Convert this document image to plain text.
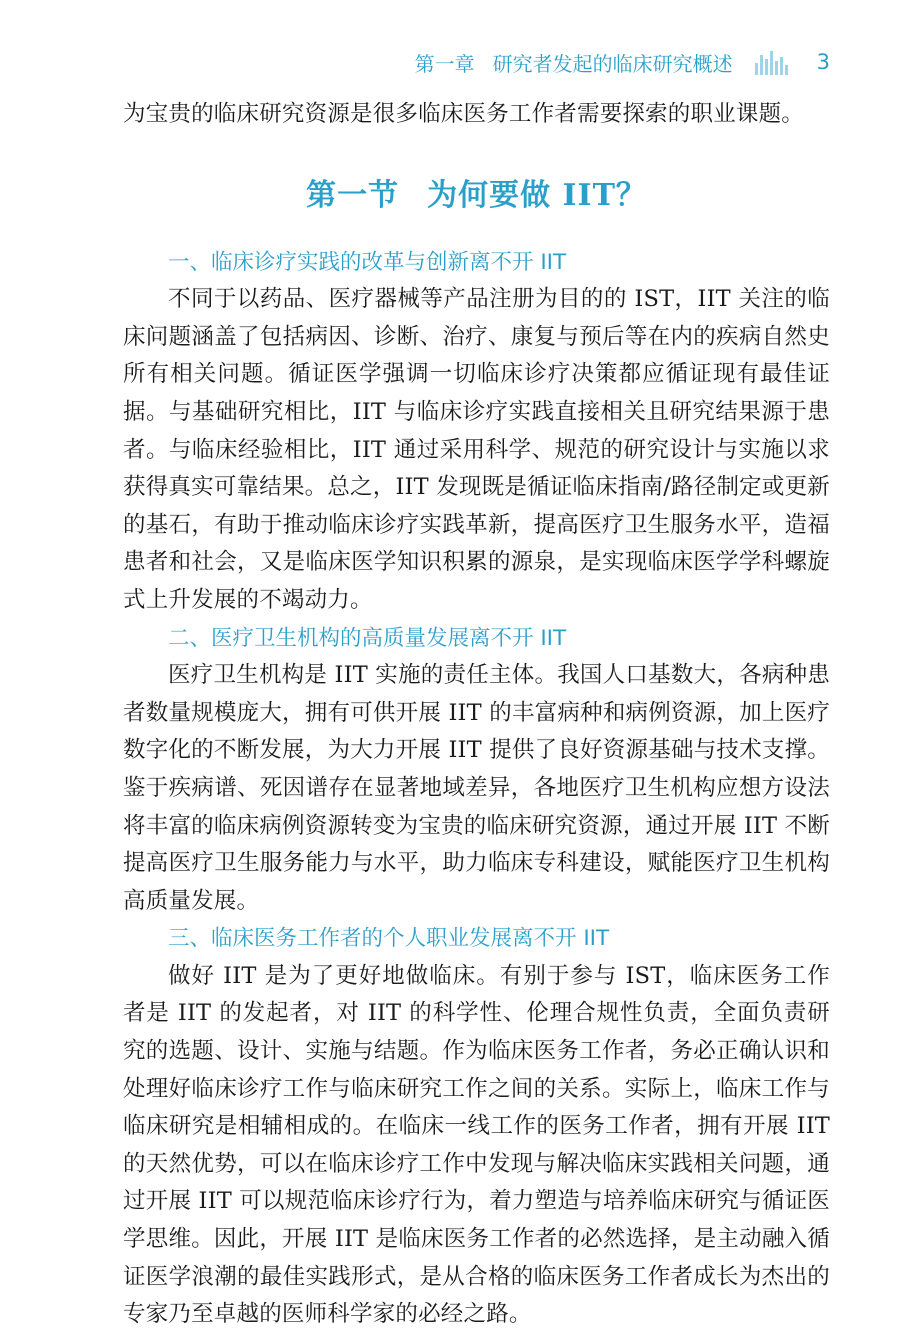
第一章 研究者发起的临床研究概述	3

为宝贵的临床研究资源是很多临床医务工作者需要探索的职业课题。

第一节 为何要做 IIT？
一、临床诊疗实践的改革与创新离不开 IIT

不同于以药品、医疗器械等产品注册为目的的 IST，IIT 关注的临床问题涵盖了包括病因、诊断、治疗、康复与预后等在内的疾病自然史所有相关问题。循证医学强调一切临床诊疗决策都应循证现有最佳证据。与基础研究相比，IIT 与临床诊疗实践直接相关且研究结果源于患者。与临床经验相比，IIT 通过采用科学、规范的研究设计与实施以求获得真实可靠结果。总之，IIT 发现既是循证临床指南/路径制定或更新的基石，有助于推动临床诊疗实践革新，提高医疗卫生服务水平，造福患者和社会，又是临床医学知识积累的源泉，是实现临床医学学科螺旋式上升发展的不竭动力。

二、医疗卫生机构的高质量发展离不开 IIT

医疗卫生机构是 IIT 实施的责任主体。我国人口基数大，各病种患者数量规模庞大，拥有可供开展 IIT 的丰富病种和病例资源，加上医疗数字化的不断发展，为大力开展 IIT 提供了良好资源基础与技术支撑。鉴于疾病谱、死因谱存在显著地域差异，各地医疗卫生机构应想方设法将丰富的临床病例资源转变为宝贵的临床研究资源，通过开展 IIT 不断提高医疗卫生服务能力与水平，助力临床专科建设，赋能医疗卫生机构高质量发展。

三、临床医务工作者的个人职业发展离不开 IIT

做好 IIT 是为了更好地做临床。有别于参与 IST，临床医务工作者是 IIT 的发起者，对 IIT 的科学性、伦理合规性负责，全面负责研究的选题、设计、实施与结题。作为临床医务工作者，务必正确认识和处理好临床诊疗工作与临床研究工作之间的关系。实际上，临床工作与临床研究是相辅相成的。在临床一线工作的医务工作者，拥有开展 IIT 的天然优势，可以在临床诊疗工作中发现与解决临床实践相关问题，通过开展 IIT 可以规范临床诊疗行为，着力塑造与培养临床研究与循证医学思维。因此，开展 IIT 是临床医务工作者的必然选择，是主动融入循证医学浪潮的最佳实践形式，是从合格的临床医务工作者成长为杰出的专家乃至卓越的医师科学家的必经之路。
